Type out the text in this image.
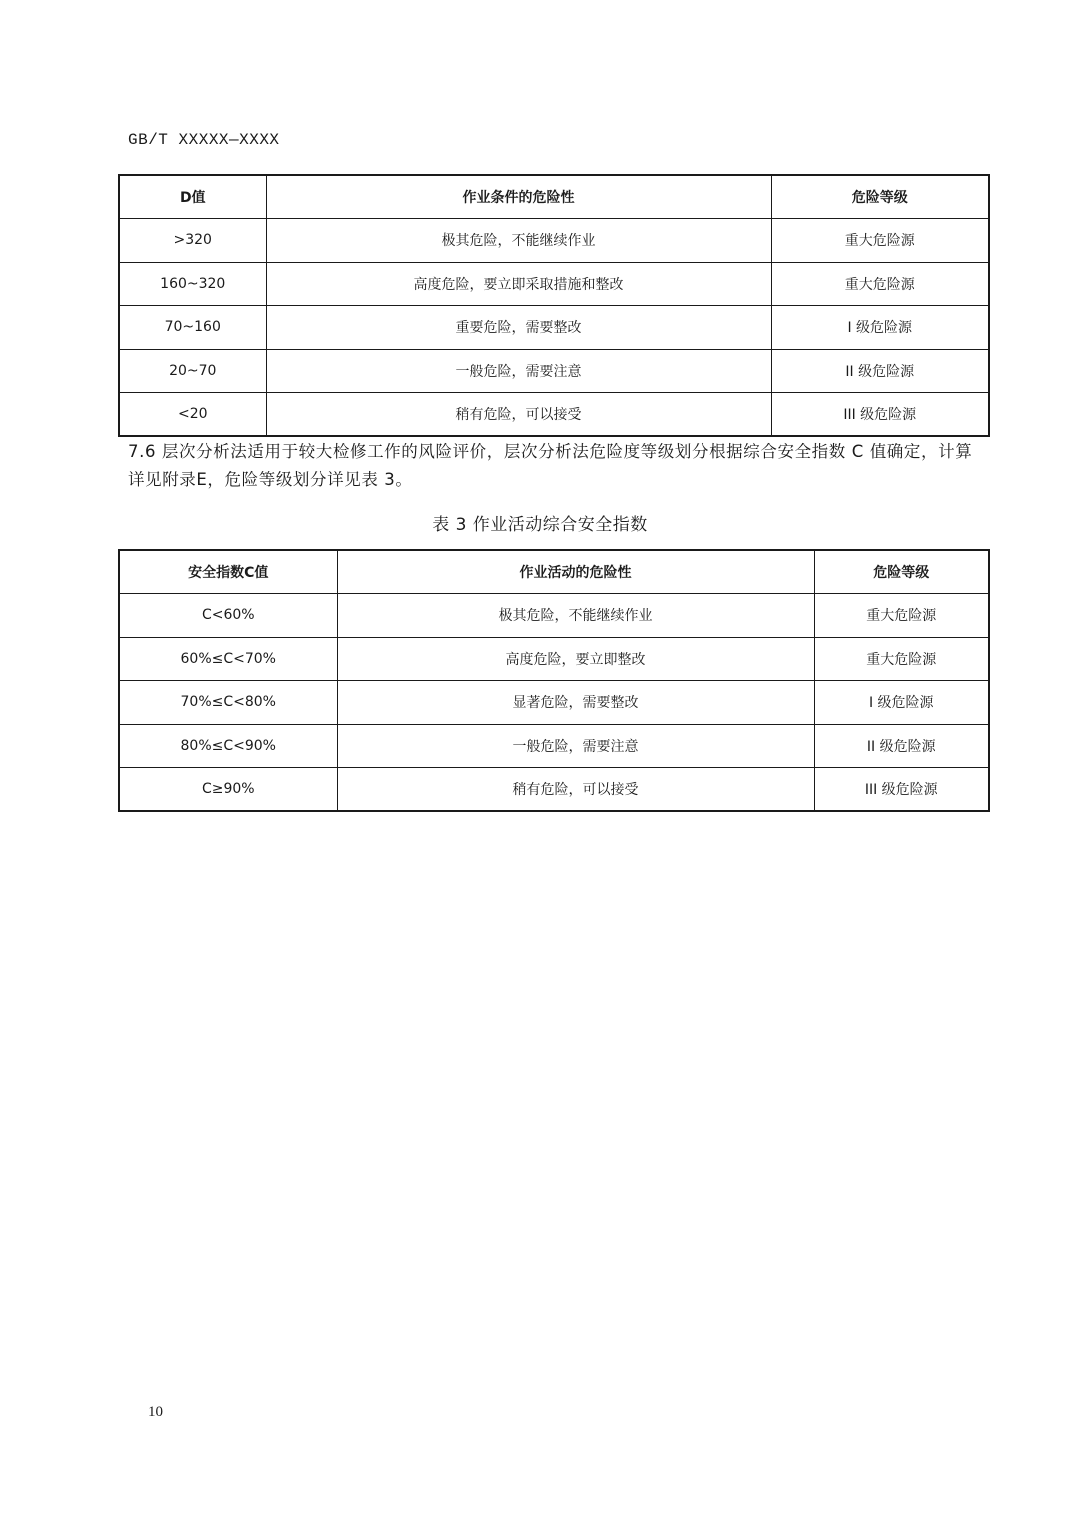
GB/T XXXXX—XXXX
D值	作业条件的危险性	危险等级
>320	极其危险，不能继续作业	重大危险源
160~320	高度危险，要立即采取措施和整改	重大危险源
70~160	重要危险，需要整改	I 级危险源
20~70	一般危险，需要注意	II 级危险源
<20	稍有危险，可以接受	III 级危险源
7.6 层次分析法适用于较大检修工作的风险评价，层次分析法危险度等级划分根据综合安全指数 C 值确定，计算详见附录E，危险等级划分详见表 3。
表 3 作业活动综合安全指数
安全指数C值	作业活动的危险性	危险等级
C<60%	极其危险，不能继续作业	重大危险源
60%≤C<70%	高度危险，要立即整改	重大危险源
70%≤C<80%	显著危险，需要整改	I 级危险源
80%≤C<90%	一般危险，需要注意	II 级危险源
C≥90%	稍有危险，可以接受	III 级危险源
10
